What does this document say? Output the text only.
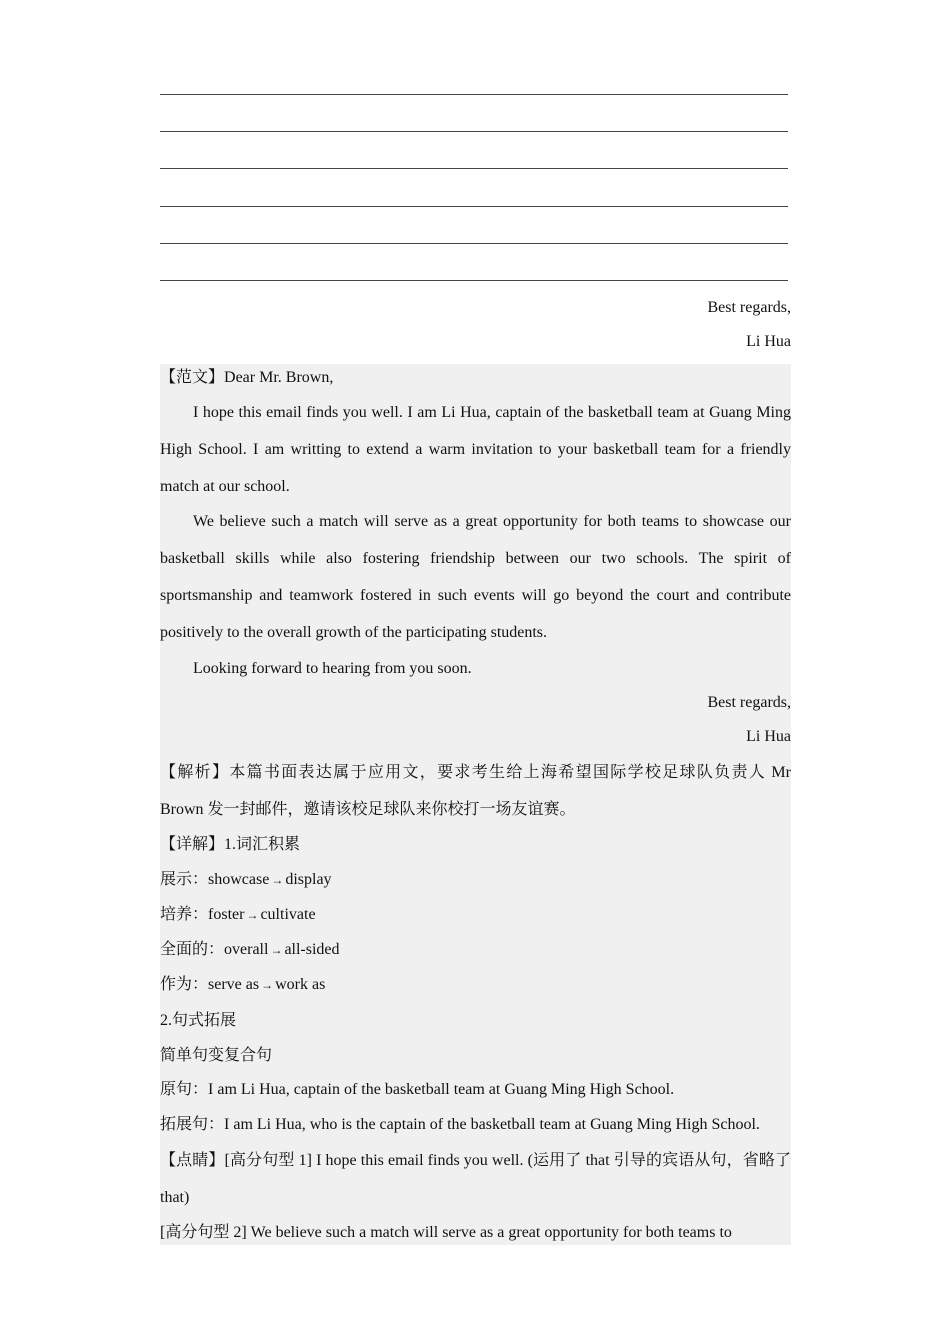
Best regards,
Li Hua
【范文】Dear Mr. Brown,
I hope this email finds you well. I am Li Hua, captain of the basketball team at Guang Ming High School. I am writting to extend a warm invitation to your basketball team for a friendly match at our school.
We believe such a match will serve as a great opportunity for both teams to showcase our basketball skills while also fostering friendship between our two schools. The spirit of sportsmanship and teamwork fostered in such events will go beyond the court and contribute positively to the overall growth of the participating students.
Looking forward to hearing from you soon.
Best regards,
Li Hua
【解析】本篇书面表达属于应用文，要求考生给上海希望国际学校足球队负责人 Mr Brown 发一封邮件，邀请该校足球队来你校打一场友谊赛。
【详解】1.词汇积累
展示：showcase → display
培养：foster → cultivate
全面的：overall → all-sided
作为：serve as → work as
2.句式拓展
简单句变复合句
原句：I am Li Hua, captain of the basketball team at Guang Ming High School.
拓展句：I am Li Hua, who is the captain of the basketball team at Guang Ming High School.
【点睛】[高分句型 1] I hope this email finds you well. (运用了 that 引导的宾语从句，省略了 that)
[高分句型 2] We believe such a match will serve as a great opportunity for both teams to
